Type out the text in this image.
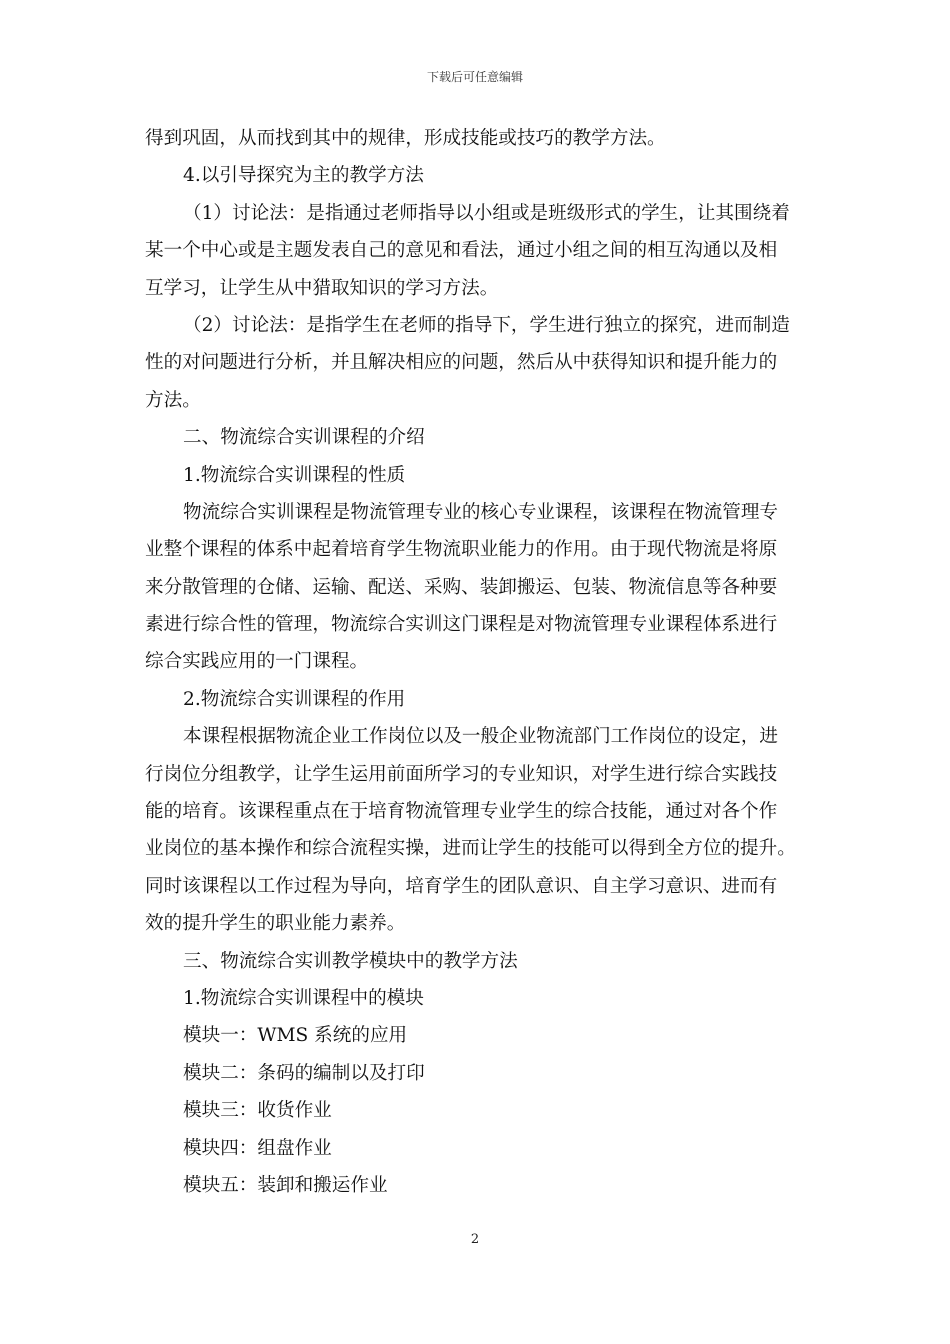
下载后可任意编辑
得到巩固，从而找到其中的规律，形成技能或技巧的教学方法。
4.以引导探究为主的教学方法
（1）讨论法：是指通过老师指导以小组或是班级形式的学生，让其围绕着
某一个中心或是主题发表自己的意见和看法，通过小组之间的相互沟通以及相
互学习，让学生从中猎取知识的学习方法。
（2）讨论法：是指学生在老师的指导下，学生进行独立的探究，进而制造
性的对问题进行分析，并且解决相应的问题，然后从中获得知识和提升能力的
方法。
二、物流综合实训课程的介绍
1.物流综合实训课程的性质
物流综合实训课程是物流管理专业的核心专业课程，该课程在物流管理专
业整个课程的体系中起着培育学生物流职业能力的作用。由于现代物流是将原
来分散管理的仓储、运输、配送、采购、装卸搬运、包装、物流信息等各种要
素进行综合性的管理，物流综合实训这门课程是对物流管理专业课程体系进行
综合实践应用的一门课程。
2.物流综合实训课程的作用
本课程根据物流企业工作岗位以及一般企业物流部门工作岗位的设定，进
行岗位分组教学，让学生运用前面所学习的专业知识，对学生进行综合实践技
能的培育。该课程重点在于培育物流管理专业学生的综合技能，通过对各个作
业岗位的基本操作和综合流程实操，进而让学生的技能可以得到全方位的提升。
同时该课程以工作过程为导向，培育学生的团队意识、自主学习意识、进而有
效的提升学生的职业能力素养。
三、物流综合实训教学模块中的教学方法
1.物流综合实训课程中的模块
模块一：WMS 系统的应用
模块二：条码的编制以及打印
模块三：收货作业
模块四：组盘作业
模块五：装卸和搬运作业
2
